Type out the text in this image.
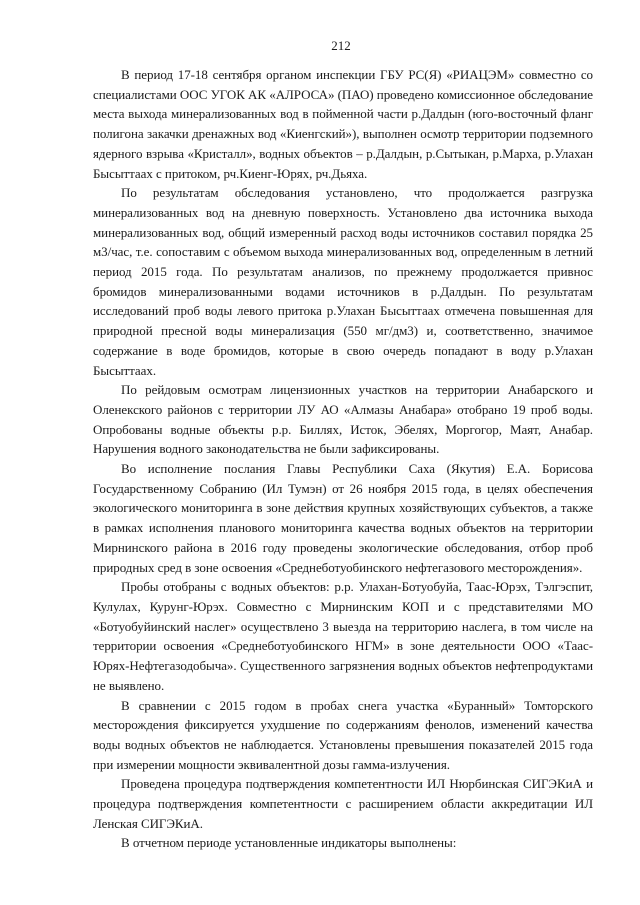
212

В период 17-18 сентября органом инспекции ГБУ РС(Я) «РИАЦЭМ» совместно со специалистами ООС УГОК АК «АЛРОСА» (ПАО) проведено комиссионное обследование места выхода минерализованных вод в пойменной части р.Далдын (юго-восточный фланг полигона закачки дренажных вод «Киенгский»), выполнен осмотр территории подземного ядерного взрыва «Кристалл», водных объектов – р.Далдын, р.Сытыкан, р.Марха, р.Улахан Бысыттаах с притоком, рч.Киенг-Юрях, рч.Дьяха.

По результатам обследования установлено, что продолжается разгрузка минерализованных вод на дневную поверхность. Установлено два источника выхода минерализованных вод, общий измеренный расход воды источников составил порядка 25 м3/час, т.е. сопоставим с объемом выхода минерализованных вод, определенным в летний период 2015 года. По результатам анализов, по прежнему продолжается привнос бромидов минерализованными водами источников в р.Далдын. По результатам исследований проб воды левого притока р.Улахан Бысыттаах отмечена повышенная для природной пресной воды минерализация (550 мг/дм3) и, соответственно, значимое содержание в воде бромидов, которые в свою очередь попадают в воду р.Улахан Бысыттаах.

По рейдовым осмотрам лицензионных участков на территории Анабарского и Оленекского районов с территории ЛУ АО «Алмазы Анабара» отобрано 19 проб воды. Опробованы водные объекты р.р. Биллях, Исток, Эбелях, Моргогор, Маят, Анабар. Нарушения водного законодательства не были зафиксированы.

Во исполнение послания Главы Республики Саха (Якутия) Е.А. Борисова Государственному Собранию (Ил Тумэн) от 26 ноября 2015 года, в целях обеспечения экологического мониторинга в зоне действия крупных хозяйствующих субъектов, а также в рамках исполнения планового мониторинга качества водных объектов на территории Мирнинского района в 2016 году проведены экологические обследования, отбор проб природных сред в зоне освоения «Среднеботуобинского нефтегазового месторождения».

Пробы отобраны с водных объектов: р.р. Улахан-Ботуобуйа, Таас-Юрэх, Тэлгэспит, Кулулах, Курунг-Юрэх. Совместно с Мирнинским КОП и с представителями МО «Ботуобуйинский наслег» осуществлено 3 выезда на территорию наслега, в том числе на территории освоения «Среднеботуобинского НГМ» в зоне деятельности ООО «Таас-Юрях-Нефтегазодобыча». Существенного загрязнения водных объектов нефтепродуктами не выявлено.

В сравнении с 2015 годом в пробах снега участка «Буранный» Томторского месторождения фиксируется ухудшение по содержаниям фенолов, изменений качества воды водных объектов не наблюдается. Установлены превышения показателей 2015 года при измерении мощности эквивалентной дозы гамма-излучения.

Проведена процедура подтверждения компетентности ИЛ Нюрбинская СИГЭКиА и процедура подтверждения компетентности с расширением области аккредитации ИЛ Ленская СИГЭКиА.

В отчетном периоде установленные индикаторы выполнены:
